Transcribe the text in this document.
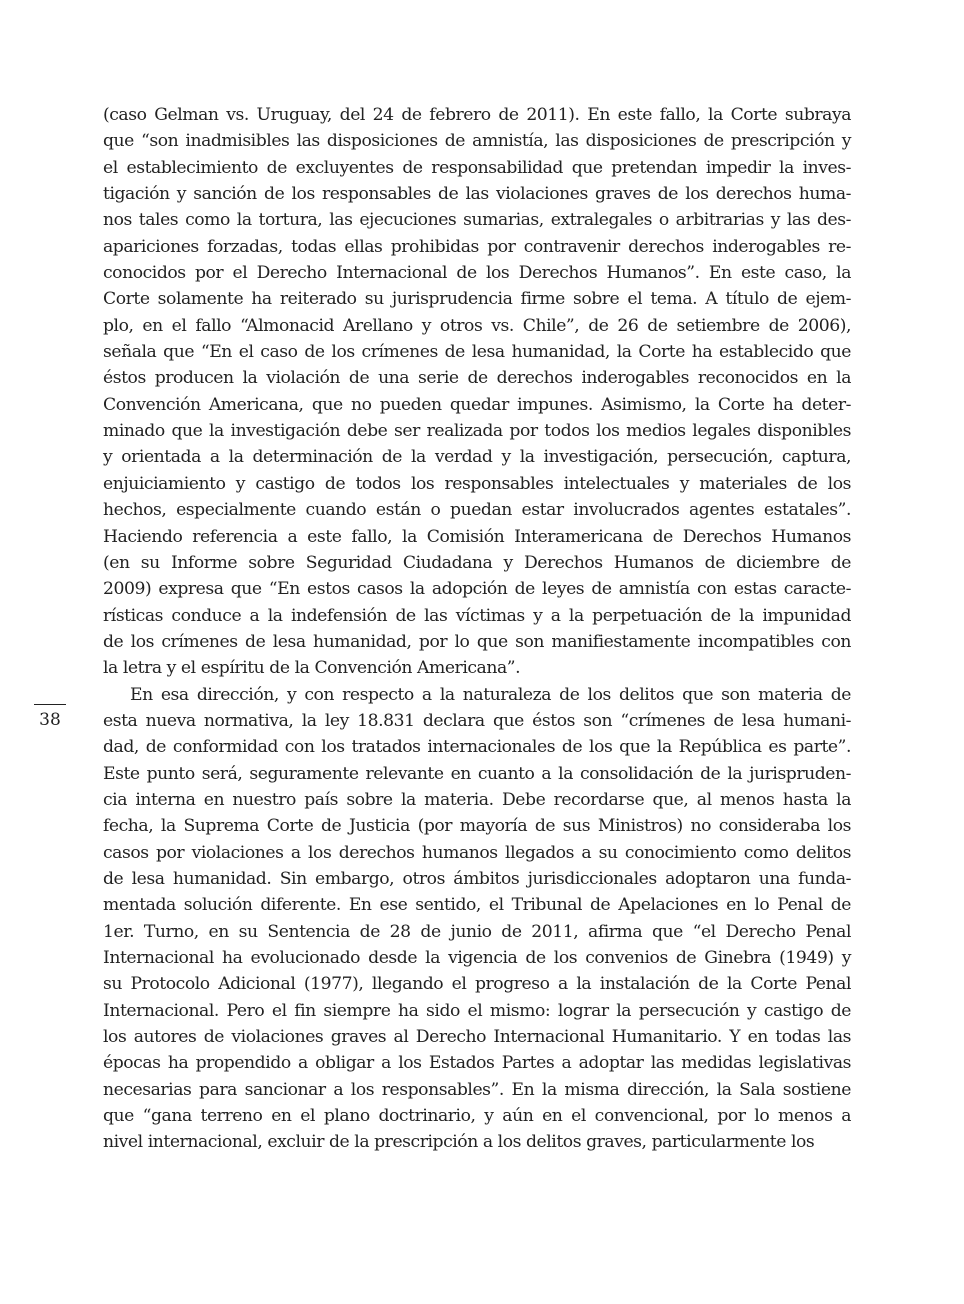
38
(caso Gelman vs. Uruguay, del 24 de febrero de 2011). En este fallo, la Corte subraya
que “son inadmisibles las disposiciones de amnistía, las disposiciones de prescripción y
el establecimiento de excluyentes de responsabilidad que pretendan impedir la inves-
tigación y sanción de los responsables de las violaciones graves de los derechos huma-
nos tales como la tortura, las ejecuciones sumarias, extralegales o arbitrarias y las des-
apariciones forzadas, todas ellas prohibidas por contravenir derechos inderogables re-
conocidos por el Derecho Internacional de los Derechos Humanos”. En este caso, la
Corte solamente ha reiterado su jurisprudencia firme sobre el tema. A título de ejem-
plo, en el fallo “Almonacid Arellano y otros vs. Chile”, de 26 de setiembre de 2006),
señala que “En el caso de los crímenes de lesa humanidad, la Corte ha establecido que
éstos producen la violación de una serie de derechos inderogables reconocidos en la
Convención Americana, que no pueden quedar impunes. Asimismo, la Corte ha deter-
minado que la investigación debe ser realizada por todos los medios legales disponibles
y orientada a la determinación de la verdad y la investigación, persecución, captura,
enjuiciamiento y castigo de todos los responsables intelectuales y materiales de los
hechos, especialmente cuando están o puedan estar involucrados agentes estatales”.
Haciendo referencia a este fallo, la Comisión Interamericana de Derechos Humanos
(en su Informe sobre Seguridad Ciudadana y Derechos Humanos de diciembre de
2009) expresa que “En estos casos la adopción de leyes de amnistía con estas caracte-
rísticas conduce a la indefensión de las víctimas y a la perpetuación de la impunidad
de los crímenes de lesa humanidad, por lo que son manifiestamente incompatibles con
la letra y el espíritu de la Convención Americana”.
En esa dirección, y con respecto a la naturaleza de los delitos que son materia de
esta nueva normativa, la ley 18.831 declara que éstos son “crímenes de lesa humani-
dad, de conformidad con los tratados internacionales de los que la República es parte”.
Este punto será, seguramente relevante en cuanto a la consolidación de la jurispruden-
cia interna en nuestro país sobre la materia. Debe recordarse que, al menos hasta la
fecha, la Suprema Corte de Justicia (por mayoría de sus Ministros) no consideraba los
casos por violaciones a los derechos humanos llegados a su conocimiento como delitos
de lesa humanidad. Sin embargo, otros ámbitos jurisdiccionales adoptaron una funda-
mentada solución diferente. En ese sentido, el Tribunal de Apelaciones en lo Penal de
1er. Turno, en su Sentencia de 28 de junio de 2011, afirma que “el Derecho Penal
Internacional ha evolucionado desde la vigencia de los convenios de Ginebra (1949) y
su Protocolo Adicional (1977), llegando el progreso a la instalación de la Corte Penal
Internacional. Pero el fin siempre ha sido el mismo: lograr la persecución y castigo de
los autores de violaciones graves al Derecho Internacional Humanitario. Y en todas las
épocas ha propendido a obligar a los Estados Partes a adoptar las medidas legislativas
necesarias para sancionar a los responsables”. En la misma dirección, la Sala sostiene
que “gana terreno en el plano doctrinario, y aún en el convencional, por lo menos a
nivel internacional, excluir de la prescripción a los delitos graves, particularmente los
